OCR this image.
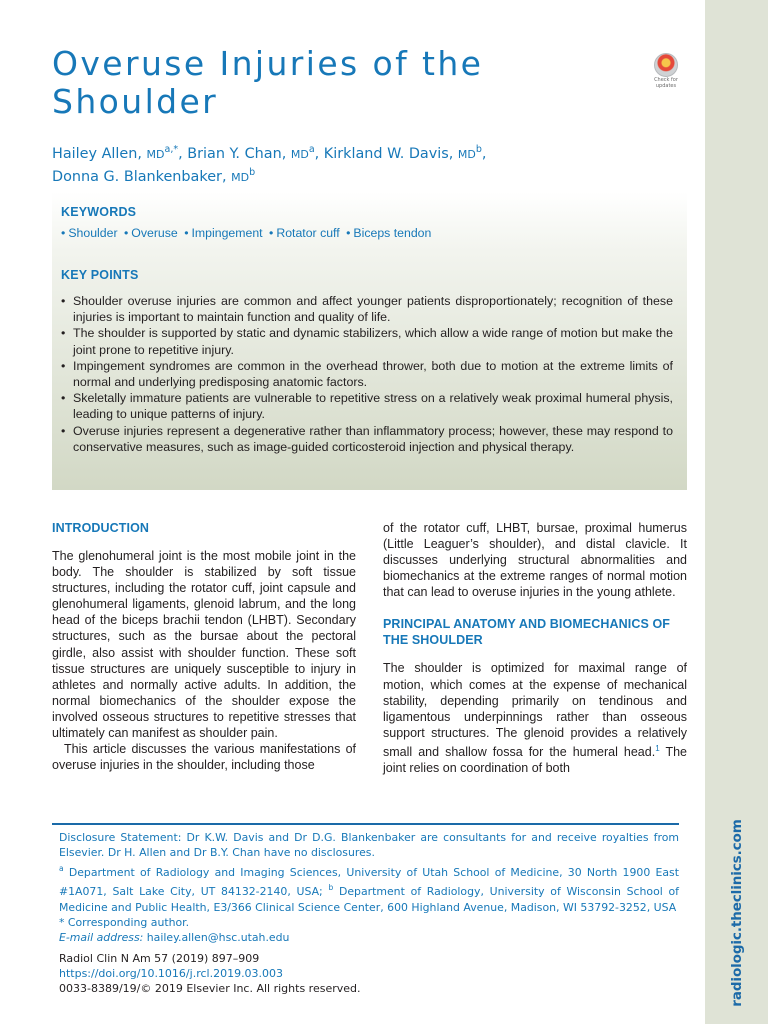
radiologic.theclinics.com
Overuse Injuries of the Shoulder
Check for
updates

Hailey Allen, MD$^{a,*}$, Brian Y. Chan, MD$^a$, Kirkland W. Davis, MD$^b$,

Donna G. Blankenbaker, MD$^b$

KEYWORDS
• Shoulder • Overuse • Impingement • Rotator cuff • Biceps tendon
KEY POINTS
• Shoulder overuse injuries are common and affect younger patients disproportionately; recognition of these injuries is important to maintain function and quality of life.
• The shoulder is supported by static and dynamic stabilizers, which allow a wide range of motion but make the joint prone to repetitive injury.
• Impingement syndromes are common in the overhead thrower, both due to motion at the extreme limits of normal and underlying predisposing anatomic factors.
• Skeletally immature patients are vulnerable to repetitive stress on a relatively weak proximal humeral physis, leading to unique patterns of injury.
• Overuse injuries represent a degenerative rather than inflammatory process; however, these may respond to conservative measures, such as image-guided corticosteroid injection and physical therapy.
INTRODUCTION

The glenohumeral joint is the most mobile joint in the body. The shoulder is stabilized by soft tissue structures, including the rotator cuff, joint capsule and glenohumeral ligaments, glenoid labrum, and the long head of the biceps brachii tendon (LHBT). Secondary structures, such as the bursae about the pectoral girdle, also assist with shoulder function. These soft tissue structures are uniquely susceptible to injury in athletes and normally active adults. In addition, the normal biomechanics of the shoulder expose the involved osseous structures to repetitive stresses that ultimately can manifest as shoulder pain.

This article discusses the various manifestations of overuse injuries in the shoulder, including those

of the rotator cuff, LHBT, bursae, proximal humerus (Little Leaguer’s shoulder), and distal clavicle. It discusses underlying structural abnormalities and biomechanics at the extreme ranges of normal motion that can lead to overuse injuries in the young athlete.

PRINCIPAL ANATOMY AND BIOMECHANICS OF THE SHOULDER

The shoulder is optimized for maximal range of motion, which comes at the expense of mechanical stability, depending primarily on tendinous and ligamentous underpinnings rather than osseous support structures. The glenoid provides a relatively small and shallow fossa for the humeral head.$^1$ The joint relies on coordination of both

Disclosure Statement: Dr K.W. Davis and Dr D.G. Blankenbaker are consultants for and receive royalties from Elsevier. Dr H. Allen and Dr B.Y. Chan have no disclosures.

$^a$ Department of Radiology and Imaging Sciences, University of Utah School of Medicine, 30 North 1900 East #1A071, Salt Lake City, UT 84132-2140, USA; $^b$ Department of Radiology, University of Wisconsin School of Medicine and Public Health, E3/366 Clinical Science Center, 600 Highland Avenue, Madison, WI 53792-3252, USA

* Corresponding author.

E-mail address: hailey.allen@hsc.utah.edu

Radiol Clin N Am 57 (2019) 897–909

https://doi.org/10.1016/j.rcl.2019.03.003

0033-8389/19/© 2019 Elsevier Inc. All rights reserved.
